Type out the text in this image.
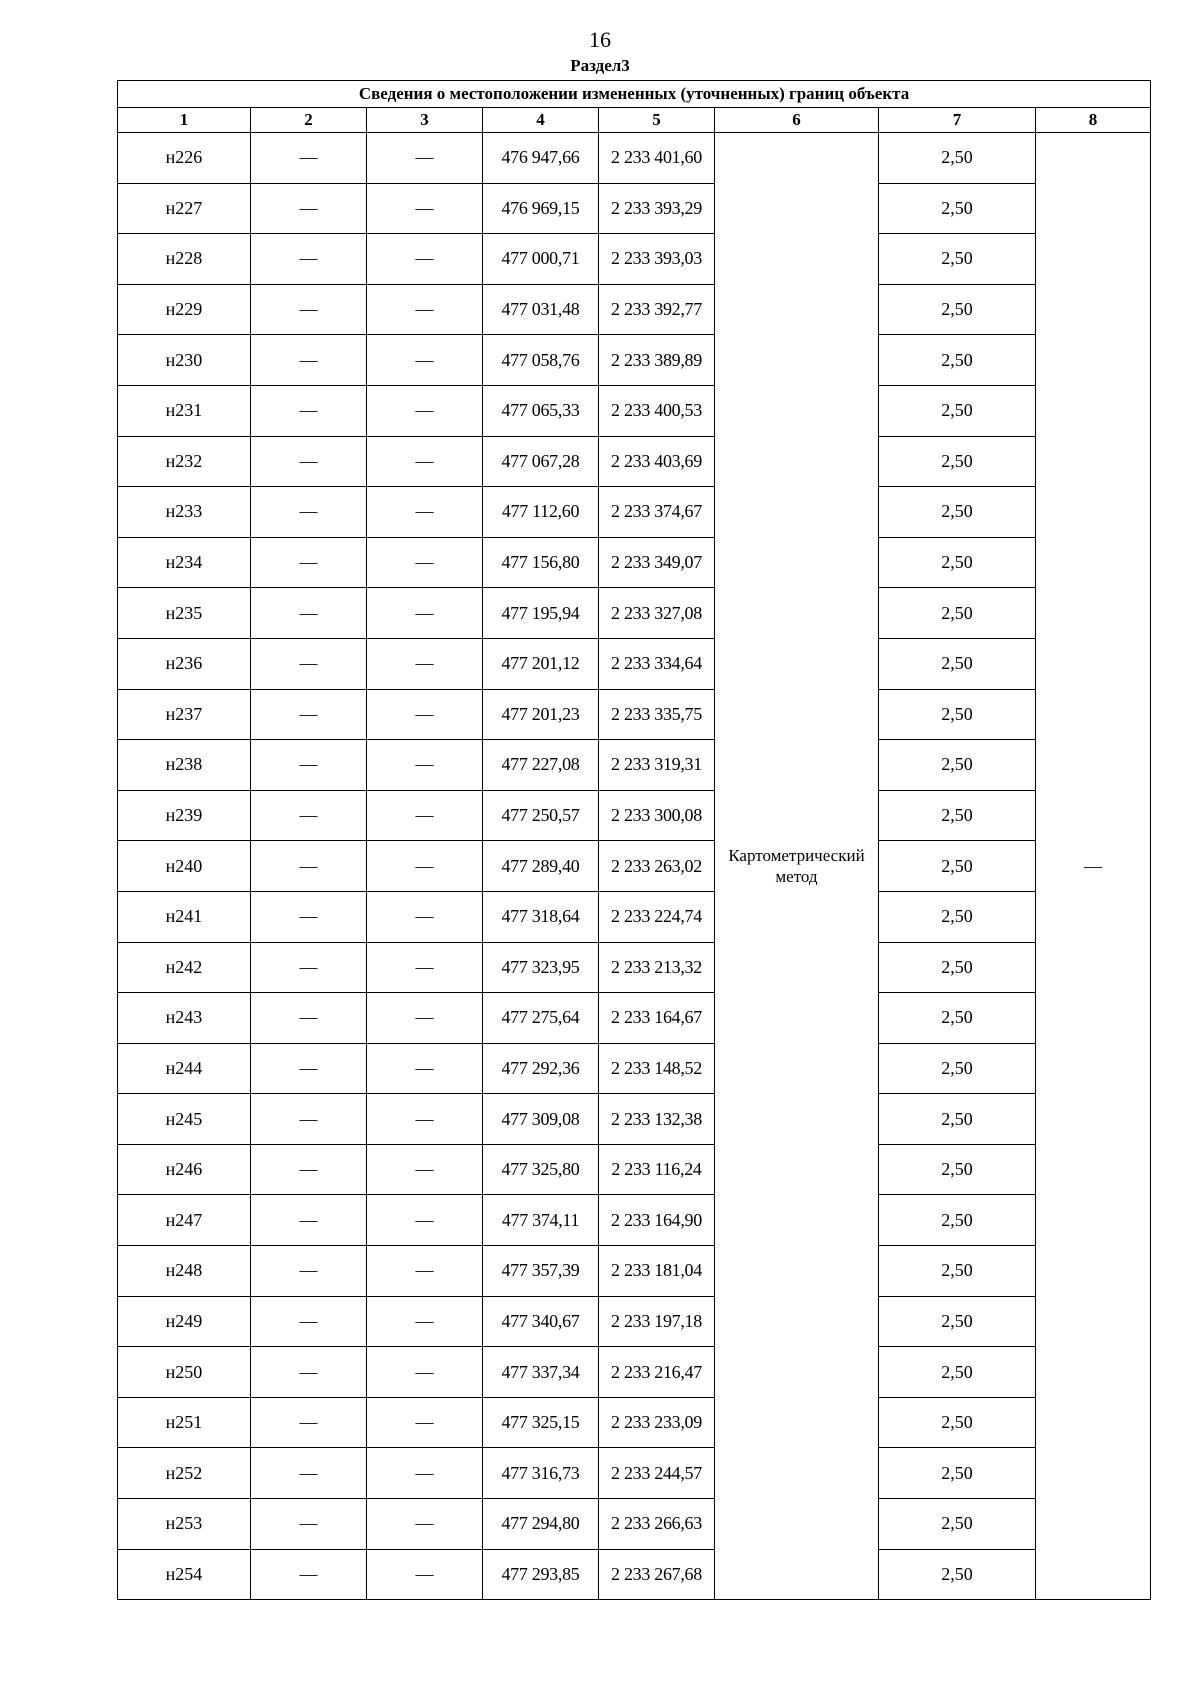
16
Раздел3
Сведения о местоположении измененных (уточненных) границ объекта							
1	2	3	4	5	6	7	8
н226	—	—	476 947,66	2 233 401,60	Картометрический метод	2,50	—
н227	—	—	476 969,15	2 233 393,29		2,50	
н228	—	—	477 000,71	2 233 393,03		2,50	
н229	—	—	477 031,48	2 233 392,77		2,50	
н230	—	—	477 058,76	2 233 389,89		2,50	
н231	—	—	477 065,33	2 233 400,53		2,50	
н232	—	—	477 067,28	2 233 403,69		2,50	
н233	—	—	477 112,60	2 233 374,67		2,50	
н234	—	—	477 156,80	2 233 349,07		2,50	
н235	—	—	477 195,94	2 233 327,08		2,50	
н236	—	—	477 201,12	2 233 334,64		2,50	
н237	—	—	477 201,23	2 233 335,75		2,50	
н238	—	—	477 227,08	2 233 319,31		2,50	
н239	—	—	477 250,57	2 233 300,08		2,50	
н240	—	—	477 289,40	2 233 263,02		2,50	
н241	—	—	477 318,64	2 233 224,74		2,50	
н242	—	—	477 323,95	2 233 213,32		2,50	
н243	—	—	477 275,64	2 233 164,67		2,50	
н244	—	—	477 292,36	2 233 148,52		2,50	
н245	—	—	477 309,08	2 233 132,38		2,50	
н246	—	—	477 325,80	2 233 116,24		2,50	
н247	—	—	477 374,11	2 233 164,90		2,50	
н248	—	—	477 357,39	2 233 181,04		2,50	
н249	—	—	477 340,67	2 233 197,18		2,50	
н250	—	—	477 337,34	2 233 216,47		2,50	
н251	—	—	477 325,15	2 233 233,09		2,50	
н252	—	—	477 316,73	2 233 244,57		2,50	
н253	—	—	477 294,80	2 233 266,63		2,50	
н254	—	—	477 293,85	2 233 267,68		2,50	
